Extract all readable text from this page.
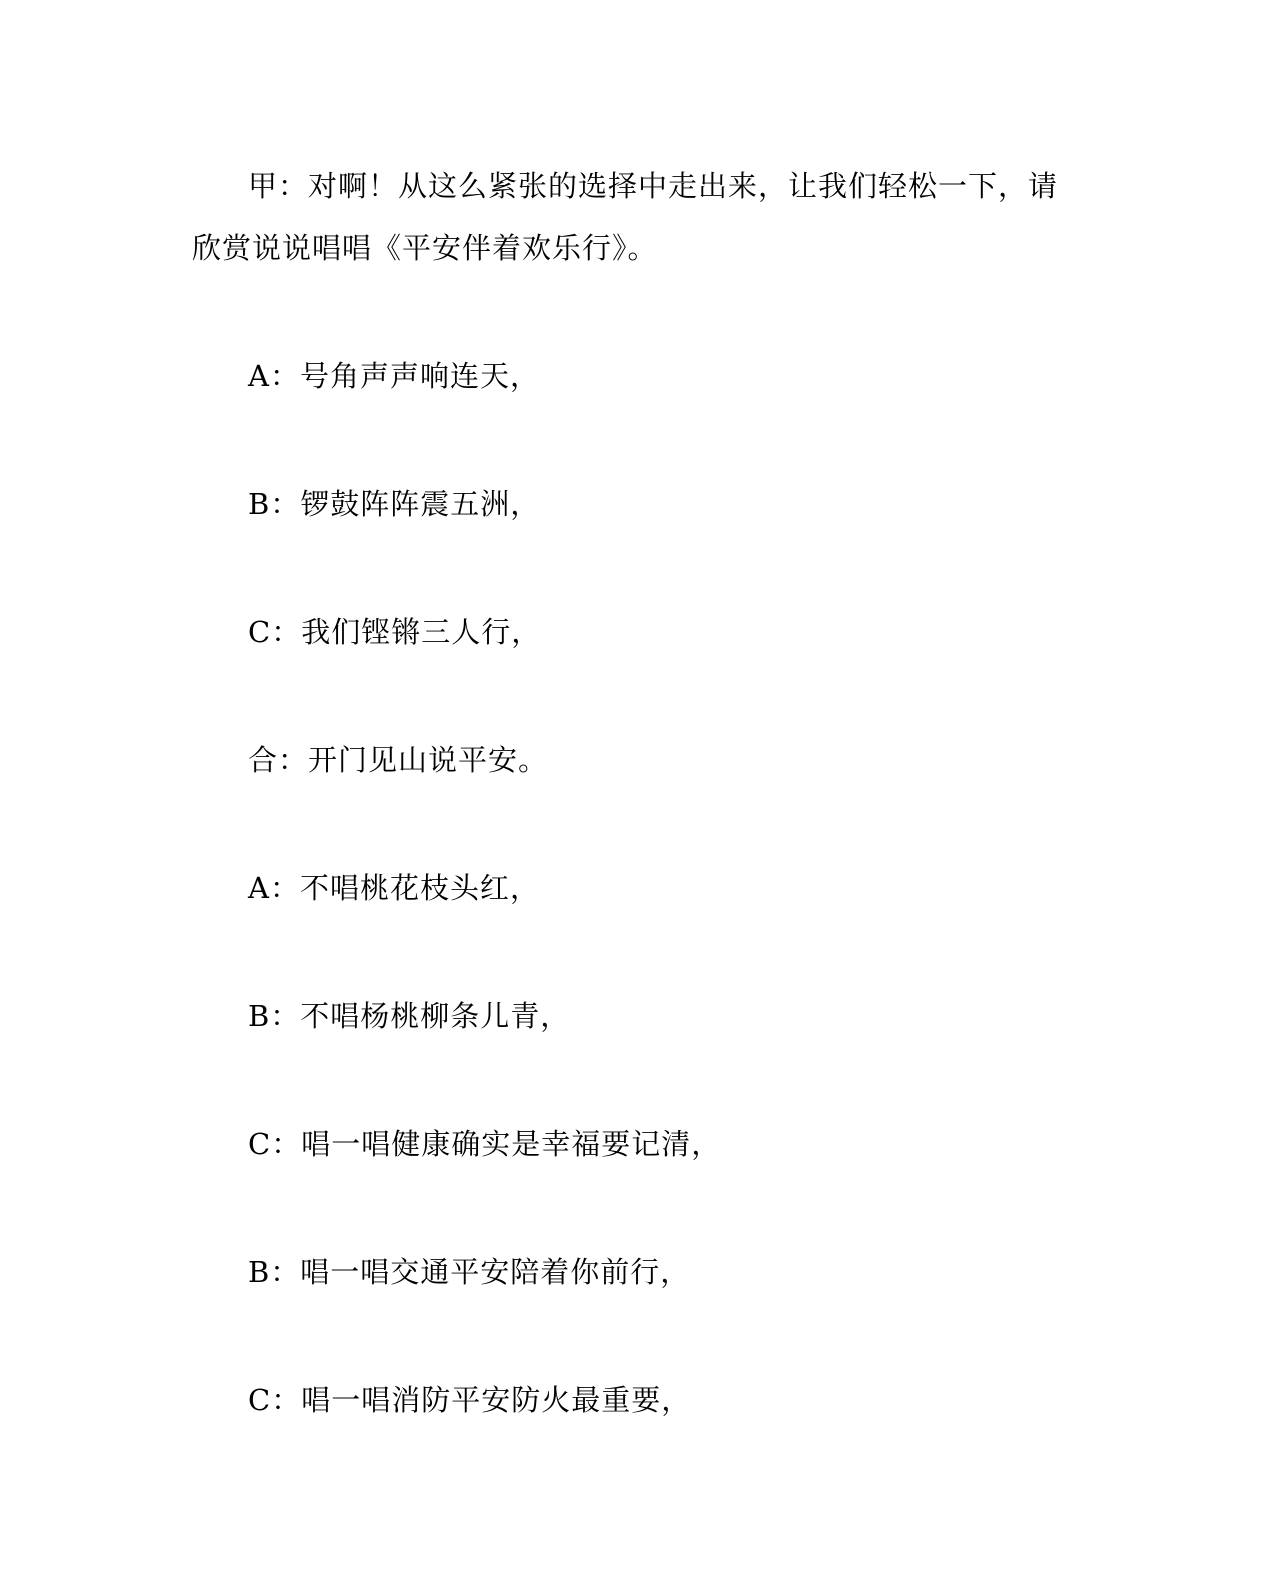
甲：对啊！从这么紧张的选择中走出来，让我们轻松一下，请欣赏说说唱唱《平安伴着欢乐行》。

A：号角声声响连天，

B：锣鼓阵阵震五洲，

C：我们铿锵三人行，

合：开门见山说平安。

A：不唱桃花枝头红，

B：不唱杨桃柳条儿青，

C：唱一唱健康确实是幸福要记清，

B：唱一唱交通平安陪着你前行，

C：唱一唱消防平安防火最重要，
